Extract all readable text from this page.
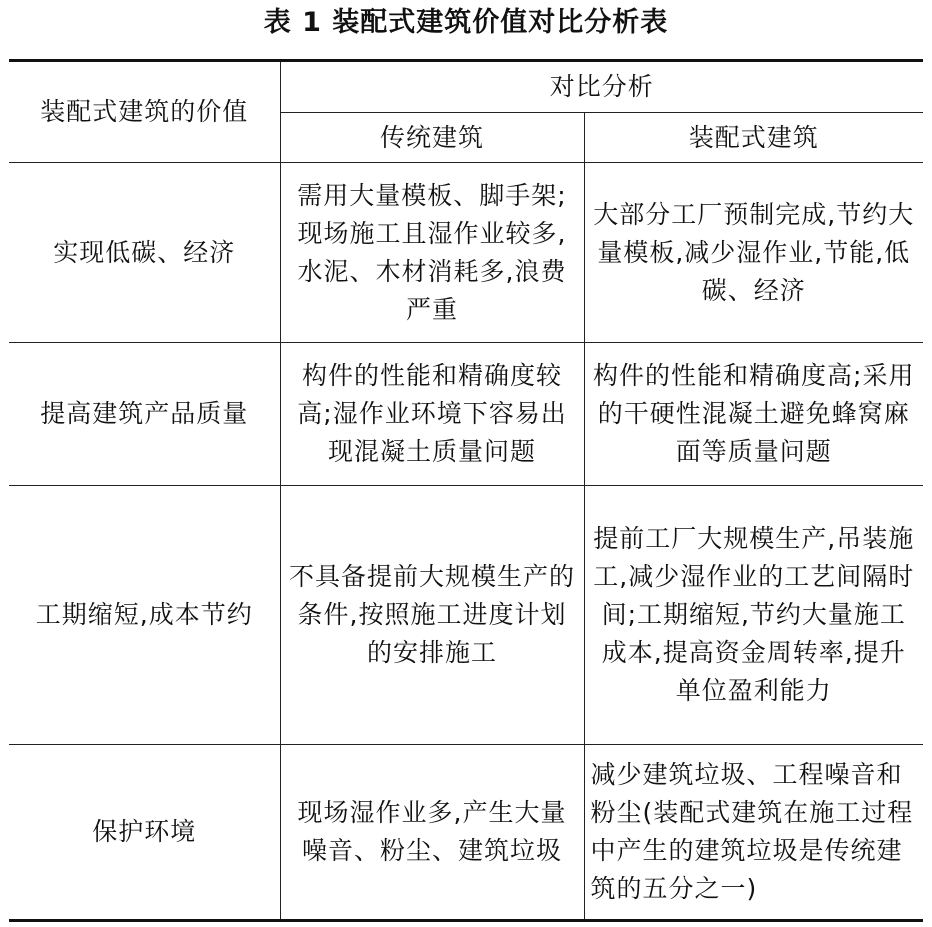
表 1 装配式建筑价值对比分析表
装配式建筑的价值	对比分析	
	传统建筑	装配式建筑
实现低碳、经济	需用大量模板、脚手架;现场施工且湿作业较多,水泥、木材消耗多,浪费严重	大部分工厂预制完成,节约大量模板,减少湿作业,节能,低碳、经济
提高建筑产品质量	构件的性能和精确度较高;湿作业环境下容易出现混凝土质量问题	构件的性能和精确度高;采用的干硬性混凝土避免蜂窝麻面等质量问题
工期缩短,成本节约	不具备提前大规模生产的条件,按照施工进度计划的安排施工	提前工厂大规模生产,吊装施工,减少湿作业的工艺间隔时间;工期缩短,节约大量施工成本,提高资金周转率,提升单位盈利能力
保护环境	现场湿作业多,产生大量噪音、粉尘、建筑垃圾	减少建筑垃圾、工程噪音和粉尘(装配式建筑在施工过程中产生的建筑垃圾是传统建筑的五分之一)
